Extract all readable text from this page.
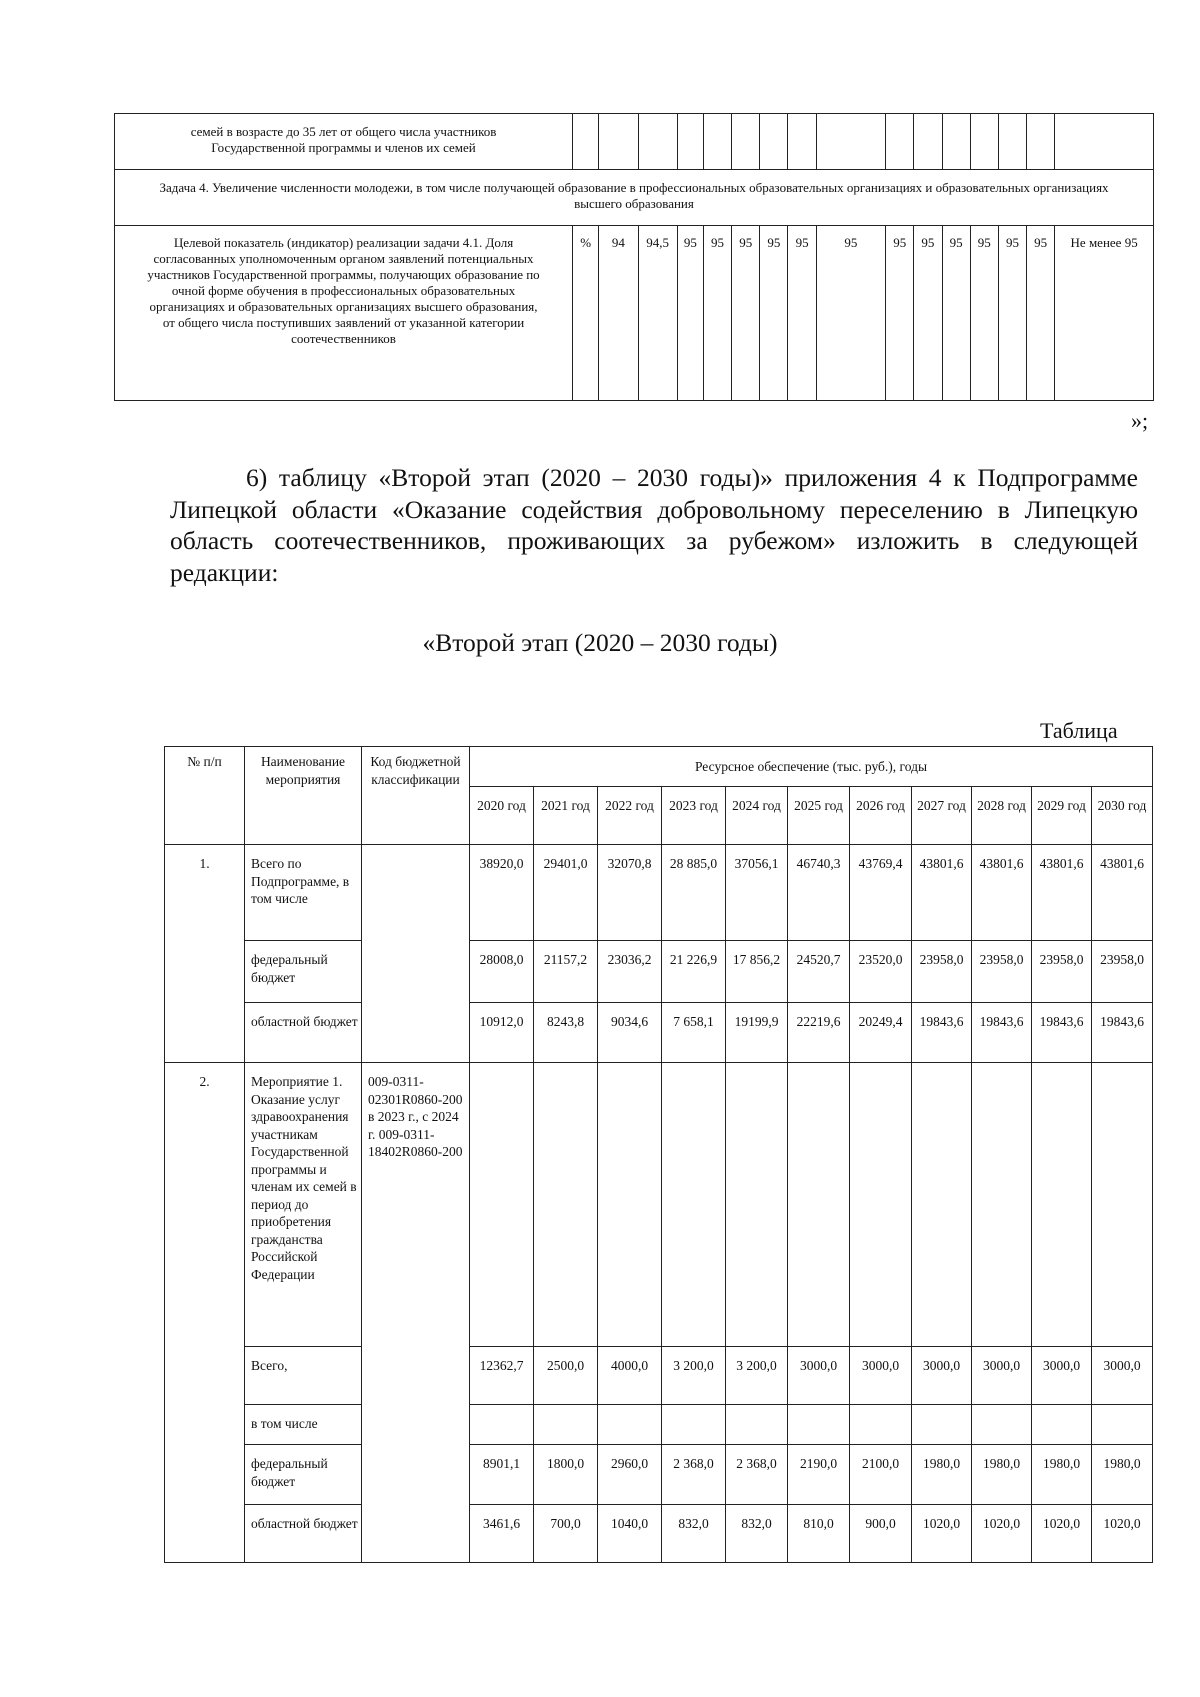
семей в возрасте до 35 лет от общего числа участников Государственной программы и членов их семей																
Задача 4. Увеличение численности молодежи, в том числе получающей образование в профессиональных образовательных организациях и образовательных организациях высшего образования																
Целевой показатель (индикатор) реализации задачи 4.1. Доля согласованных уполномоченным органом заявлений потенциальных участников Государственной программы, получающих образование по очной форме обучения в профессиональных образовательных организациях и образовательных организациях высшего образования, от общего числа поступивших заявлений от указанной категории соотечественников	%	94	94,5	95	95	95	95	95	95	95	95	95	95	95	95	Не менее 95
»;

6) таблицу «Второй этап (2020 – 2030 годы)» приложения 4 к Подпрограмме Липецкой области «Оказание содействия добровольному переселению в Липецкую область соотечественников, проживающих за рубежом» изложить в следующей редакции:

«Второй этап (2020 – 2030 годы)
Таблица
№ п/п	Наименование мероприятия	Код бюджетной классификации	Ресурсное обеспечение (тыс. руб.), годы										
			2020 год	2021 год	2022 год	2023 год	2024 год	2025 год	2026 год	2027 год	2028 год	2029 год	2030 год
1.	Всего по Подпрограмме, в том числе		38920,0	29401,0	32070,8	28 885,0	37056,1	46740,3	43769,4	43801,6	43801,6	43801,6	43801,6
	федеральный бюджет		28008,0	21157,2	23036,2	21 226,9	17 856,2	24520,7	23520,0	23958,0	23958,0	23958,0	23958,0
	областной бюджет		10912,0	8243,8	9034,6	7 658,1	19199,9	22219,6	20249,4	19843,6	19843,6	19843,6	19843,6
2.	Мероприятие 1. Оказание услуг здравоохранения участникам Государственной программы и членам их семей в период до приобретения гражданства Российской Федерации	009-0311-02301R0860-200 в 2023 г., с 2024 г. 009-0311-18402R0860-200											
	Всего,		12362,7	2500,0	4000,0	3 200,0	3 200,0	3000,0	3000,0	3000,0	3000,0	3000,0	3000,0
	в том числе												
	федеральный бюджет		8901,1	1800,0	2960,0	2 368,0	2 368,0	2190,0	2100,0	1980,0	1980,0	1980,0	1980,0
	областной бюджет		3461,6	700,0	1040,0	832,0	832,0	810,0	900,0	1020,0	1020,0	1020,0	1020,0
